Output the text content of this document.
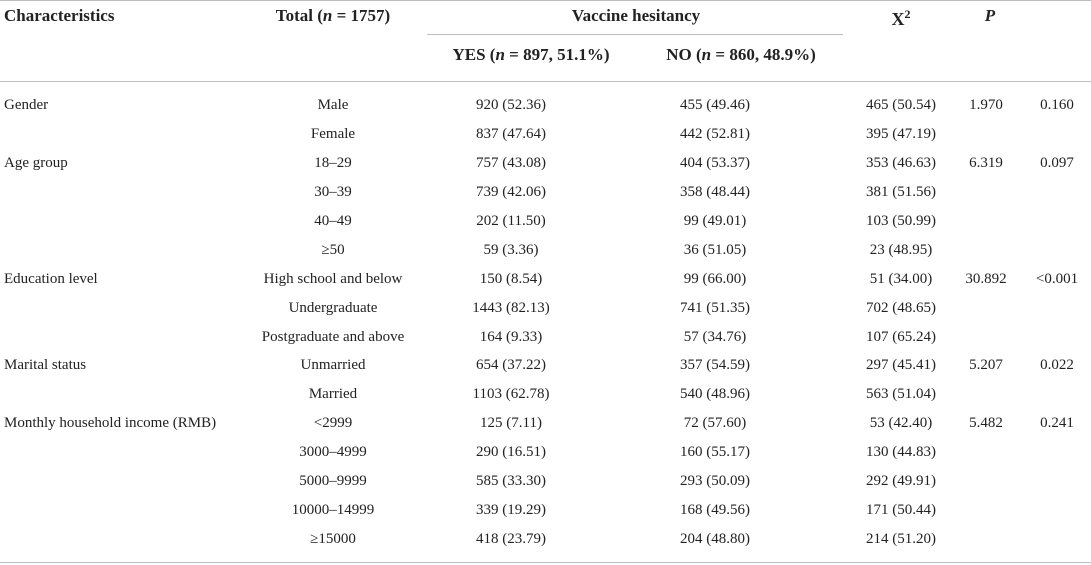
Characteristics	Total (n = 1757)	Vaccine hesitancy	$X^2$	P
YES (n = 897, 51.1%)	NO (n = 860, 48.9%)
Gender	Male	920 (52.36)	455 (49.46)	465 (50.54) 1.970 0.160
Female	837 (47.64)	442 (52.81)	395 (47.19)
Age group	18–29	757 (43.08)	404 (53.37)	353 (46.63) 6.319 0.097
30–39	739 (42.06)	358 (48.44)	381 (51.56)
40–49	202 (11.50)	99 (49.01)	103 (50.99)
≥50	59 (3.36)	36 (51.05)	23 (48.95)
Education level	High school and below	150 (8.54)	99 (66.00)	51 (34.00) 30.892 <0.001
Undergraduate	1443 (82.13)	741 (51.35)	702 (48.65)
Postgraduate and above	164 (9.33)	57 (34.76)	107 (65.24)
Marital status	Unmarried	654 (37.22)	357 (54.59)	297 (45.41) 5.207 0.022
Married	1103 (62.78)	540 (48.96)	563 (51.04)
Monthly household income (RMB)	<2999	125 (7.11)	72 (57.60)	53 (42.40) 5.482 0.241
3000–4999	290 (16.51)	160 (55.17)	130 (44.83)
5000–9999	585 (33.30)	293 (50.09)	292 (49.91)
10000–14999	339 (19.29)	168 (49.56)	171 (50.44)
≥15000	418 (23.79)	204 (48.80)	214 (51.20)
